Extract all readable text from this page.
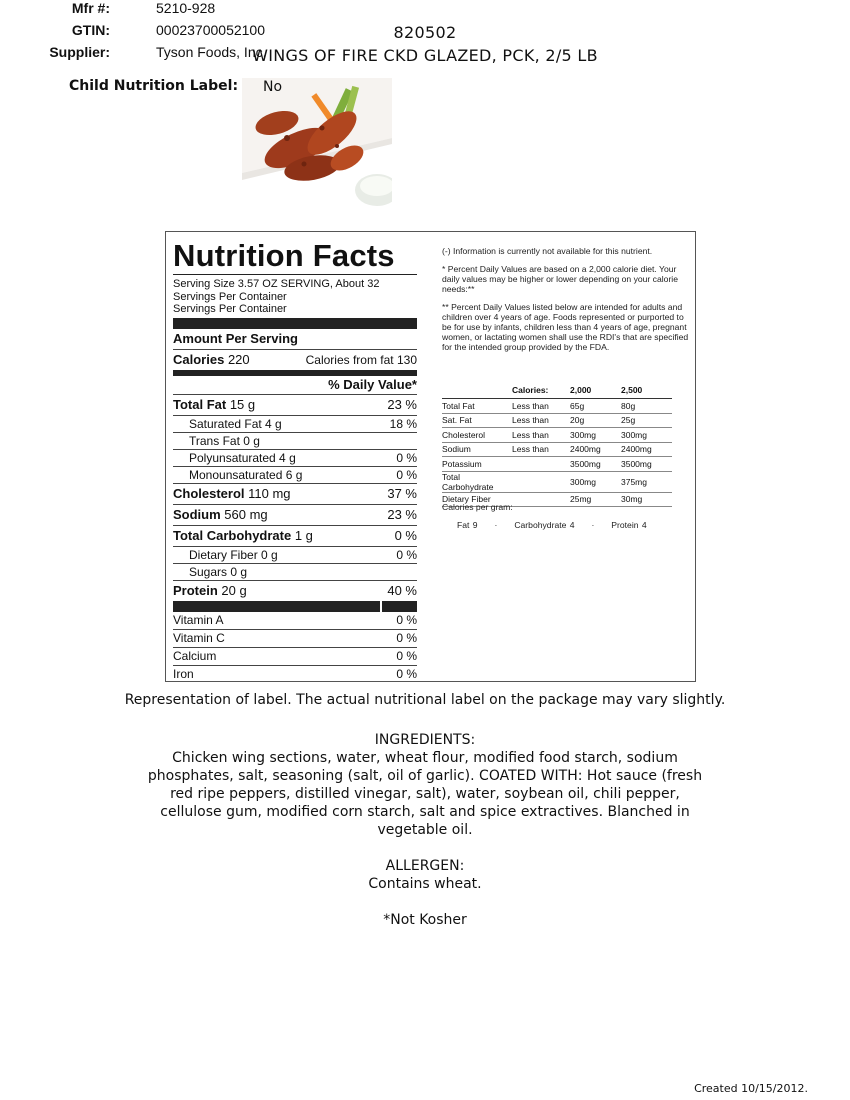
820502
WINGS OF FIRE CKD GLAZED, PCK, 2/5 LB
Mfr #:	5210-928
GTIN:	00023700052100
Supplier:	Tyson Foods, Inc.
Child Nutrition Label: No
Nutrition Facts
Serving Size 3.57 OZ SERVING, About 32
Servings Per Container
Servings Per Container
Amount Per Serving
Calories 220	Calories from fat 130
% Daily Value*
Total Fat 15 g	23 %
Saturated Fat 4 g	18 %
Trans Fat 0 g
Polyunsaturated 4 g	0 %
Monounsaturated 6 g	0 %
Cholesterol 110 mg	37 %
Sodium 560 mg	23 %
Total Carbohydrate 1 g	0 %
Dietary Fiber 0 g	0 %
Sugars 0 g
Protein 20 g	40 %
Vitamin A	0 %
Vitamin C	0 %
Calcium	0 %
Iron	0 %

(-) Information is currently not available for this nutrient.

* Percent Daily Values are based on a 2,000 calorie diet. Your daily values may be higher or lower depending on your calorie needs:**

** Percent Daily Values listed below are intended for adults and children over 4 years of age. Foods represented or purported to be for use by infants, children less than 4 years of age, pregnant women, or lactating women shall use the RDI's that are specified for the intended group provided by the FDA.

	Calories:	2,000	2,500
Total Fat	Less than	65g	80g
Sat. Fat	Less than	20g	25g
Cholesterol	Less than	300mg	300mg
Sodium	Less than	2400mg	2400mg
Potassium		3500mg	3500mg
Total Carbohydrate		300mg	375mg
Dietary Fiber		25mg	30mg
Calories per gram:
Fat 9     ·     Carbohydrate 4     ·     Protein 4
Representation of label. The actual nutritional label on the package may vary slightly.
INGREDIENTS:
Chicken wing sections, water, wheat flour, modified food starch, sodium phosphates, salt, seasoning (salt, oil of garlic). COATED WITH: Hot sauce (fresh red ripe peppers, distilled vinegar, salt), water, soybean oil, chili pepper, cellulose gum, modified corn starch, salt and spice extractives. Blanched in vegetable oil.
ALLERGEN:
Contains wheat.
*Not Kosher
Created 10/15/2012.
